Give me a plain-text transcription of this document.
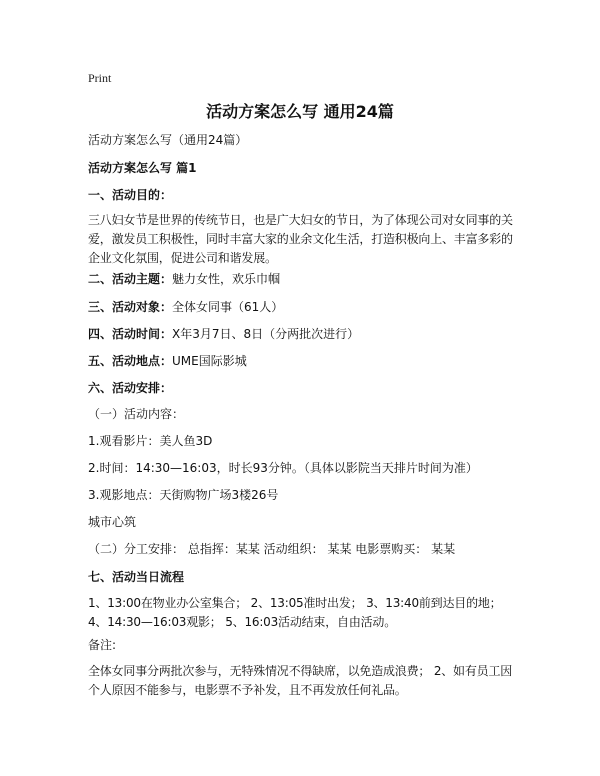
Print
活动方案怎么写 通用24篇
活动方案怎么写（通用24篇）
活动方案怎么写 篇1
一、活动目的：
三八妇女节是世界的传统节日，也是广大妇女的节日，为了体现公司对女同事的关爱，激发员工积极性，同时丰富大家的业余文化生活，打造积极向上、丰富多彩的企业文化氛围，促进公司和谐发展。
二、活动主题：魅力女性，欢乐巾帼
三、活动对象：全体女同事（61人）
四、活动时间：X年3月7日、8日（分两批次进行）
五、活动地点：UME国际影城
六、活动安排：
（一）活动内容：
1.观看影片：美人鱼3D
2.时间：14:30—16:03，时长93分钟。（具体以影院当天排片时间为准）
3.观影地点：天街购物广场3楼26号
城市心筑
（二）分工安排： 总指挥：某某 活动组织： 某某 电影票购买： 某某
七、活动当日流程
1、13:00在物业办公室集合； 2、13:05准时出发； 3、13:40前到达目的地； 4、14:30—16:03观影； 5、16:03活动结束，自由活动。
备注:
全体女同事分两批次参与，无特殊情况不得缺席，以免造成浪费； 2、如有员工因个人原因不能参与，电影票不予补发，且不再发放任何礼品。
